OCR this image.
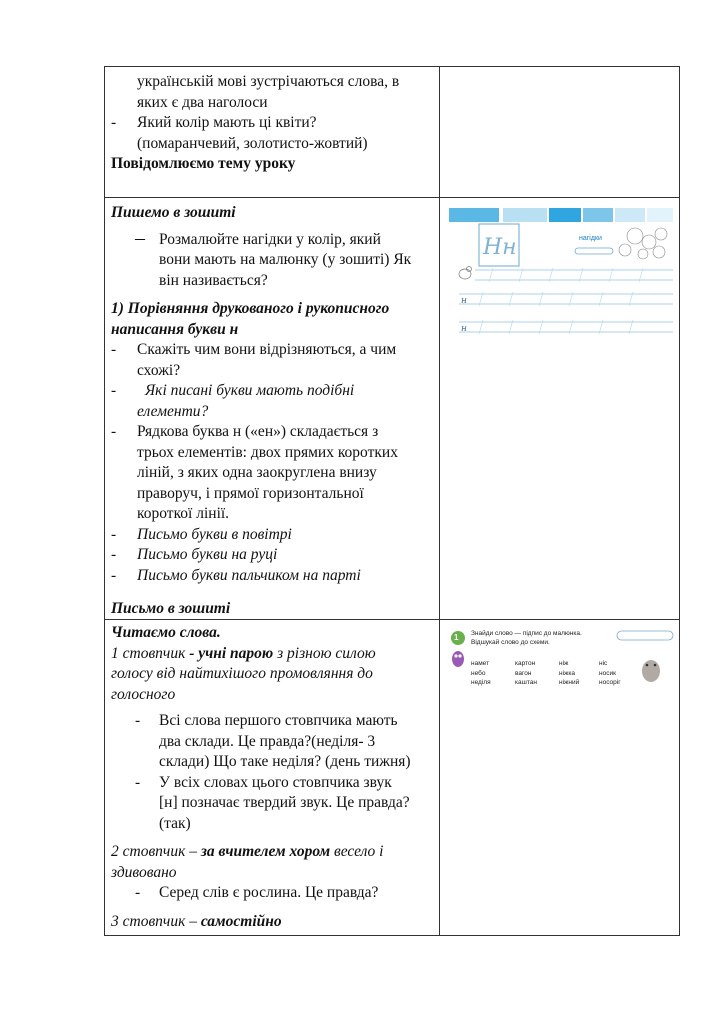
українській мові зустрічаються слова, в
яких є два наголоси
- Який колір мають ці квіти?
(помаранчевий, золотисто-жовтий)
Повідомлюємо тему уроку
Пишемо в зошиті
– Розмалюйте нагідки у колір, який
вони мають на малюнку (у зошиті) Як
він називається?
1) Порівняння друкованого і рукописного
написання букви н
- Скажіть чим вони відрізняються, а чим
схожі?
- Які писані букви мають подібні
елементи?
- Рядкова буква н («ен») складається з
трьох елементів: двох прямих коротких
ліній, з яких одна заокруглена внизу
праворуч, і прямої горизонтальної
короткої лінії.
- Письмо букви в повітрі
- Письмо букви на руці
- Письмо букви пальчиком на парті
Письмо в зошиті
Нн	нагідки
н
н
Читаємо слова.
1 стовпчик - учні парою з різною силою
голосу від найтихішого промовляння до
голосного
- Всі слова першого стовпчика мають
два склади. Це правда?(неділя- 3
склади) Що таке неділя? (день тижня)
- У всіх словах цього стовпчика звук
[н] позначає твердий звук. Це правда?
(так)
2 стовпчик – за вчителем хором весело і
здивовано
- Серед слів є рослина. Це правда?
3 стовпчик – самостійно
1 Знайди слово — підпис до малюнка.
Відшукай слово до схеми.
намет	картон	ніж	ніс
небо	вагон	ніжка	носик
неділя	каштан	ніжний	носоріг
